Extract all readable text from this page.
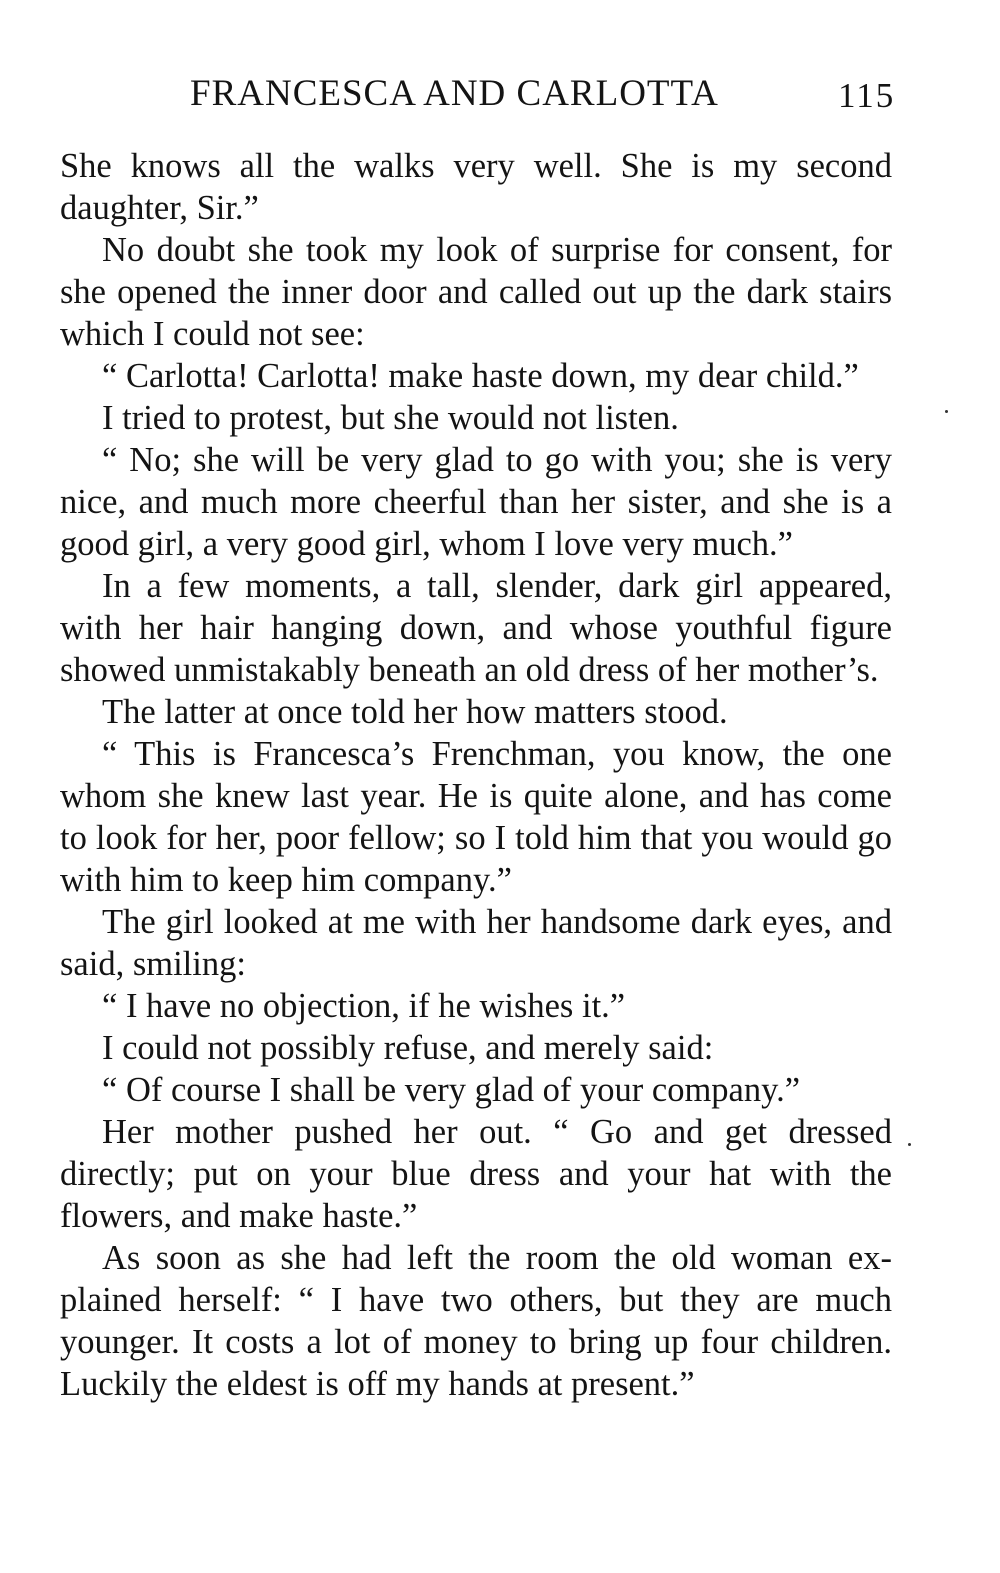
FRANCESCA AND CARLOTTA	115

She knows all the walks very well. She is my second daughter, Sir.”

No doubt she took my look of surprise for consent, for she opened the inner door and called out up the dark stairs which I could not see:

“ Carlotta! Carlotta! make haste down, my dear child.”

I tried to protest, but she would not listen.

“ No; she will be very glad to go with you; she is very nice, and much more cheerful than her sister, and she is a good girl, a very good girl, whom I love very much.”

In a few moments, a tall, slender, dark girl appeared, with her hair hanging down, and whose youthful figure showed unmistakably beneath an old dress of her mother’s.

The latter at once told her how matters stood.

“ This is Francesca’s Frenchman, you know, the one whom she knew last year. He is quite alone, and has come to look for her, poor fellow; so I told him that you would go with him to keep him company.”

The girl looked at me with her handsome dark eyes, and said, smiling:

“ I have no objection, if he wishes it.”

I could not possibly refuse, and merely said:

“ Of course I shall be very glad of your company.”

Her mother pushed her out. “ Go and get dressed directly; put on your blue dress and your hat with the flowers, and make haste.”

As soon as she had left the room the old woman explained herself: “ I have two others, but they are much younger. It costs a lot of money to bring up four children. Luckily the eldest is off my hands at present.”
